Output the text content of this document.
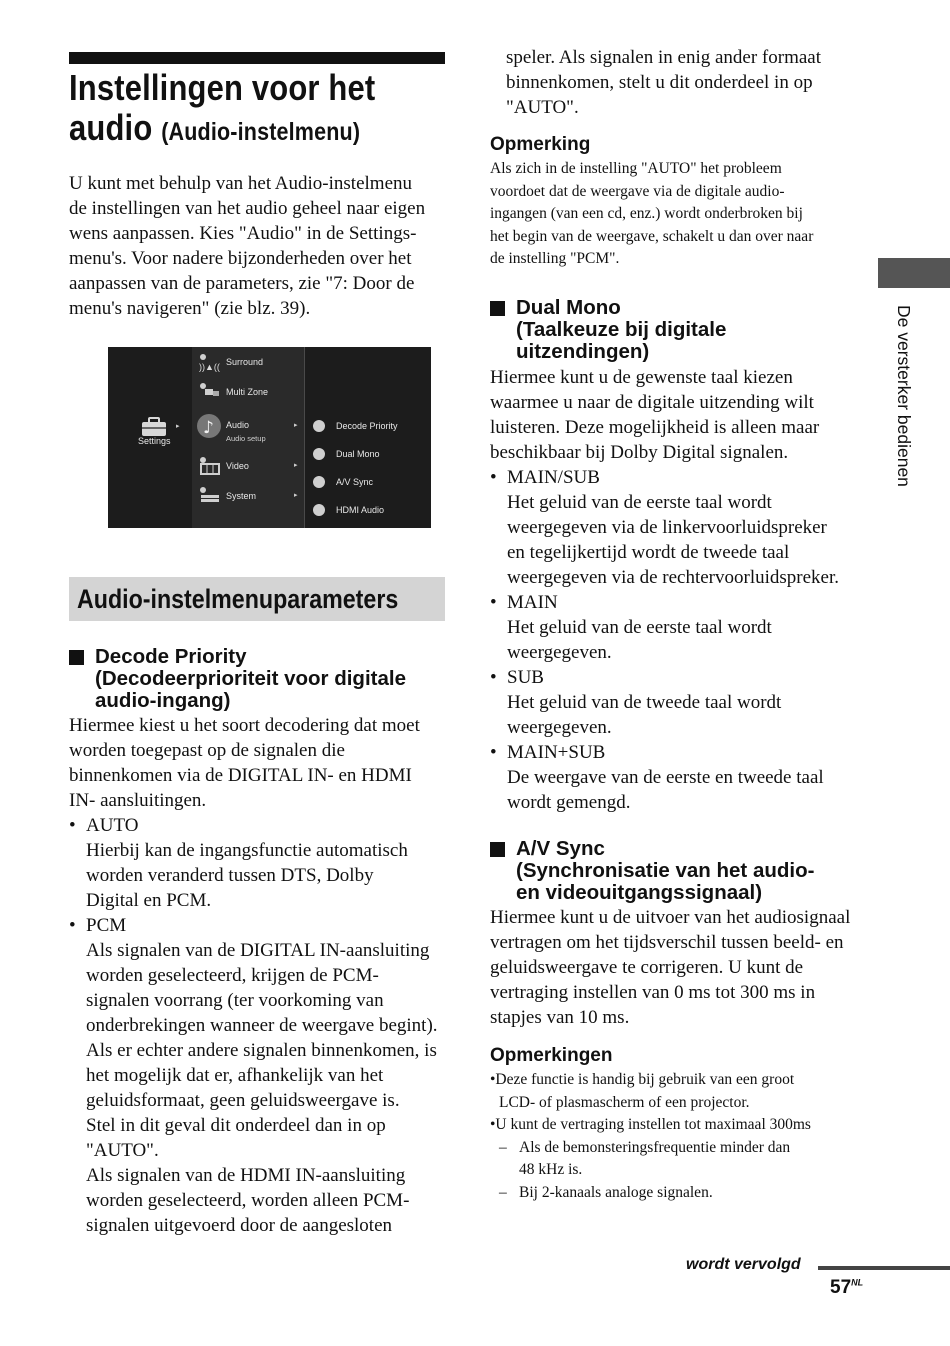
Instellingen voor het
audio (Audio-instelmenu)
U kunt met behulp van het Audio-instelmenu
de instellingen van het audio geheel naar eigen
wens aanpassen. Kies "Audio" in de Settings-
menu's. Voor nadere bijzonderheden over het
aanpassen van de parameters, zie "7: Door de
menu's navigeren" (zie blz. 39).
Settings
▸
))▲(( Surround
Multi Zone
♪ Audio
Audio setup
▸
Video	▸
System	▸
Decode Priority
Dual Mono
A/V Sync
HDMI Audio
Audio-instelmenuparameters
Decode Priority
(Decodeerprioriteit voor digitale
audio-ingang)
Hiermee kiest u het soort decodering dat moet
worden toegepast op de signalen die
binnenkomen via de DIGITAL IN- en HDMI
IN- aansluitingen.
• AUTO
Hierbij kan de ingangsfunctie automatisch
worden veranderd tussen DTS, Dolby
Digital en PCM.
• PCM
Als signalen van de DIGITAL IN-aansluiting
worden geselecteerd, krijgen de PCM-
signalen voorrang (ter voorkoming van
onderbrekingen wanneer de weergave begint).
Als er echter andere signalen binnenkomen, is
het mogelijk dat er, afhankelijk van het
geluidsformaat, geen geluidsweergave is.
Stel in dit geval dit onderdeel dan in op
"AUTO".
Als signalen van de HDMI IN-aansluiting
worden geselecteerd, worden alleen PCM-
signalen uitgevoerd door de aangesloten
speler. Als signalen in enig ander formaat
binnenkomen, stelt u dit onderdeel in op
"AUTO".
Opmerking
Als zich in de instelling "AUTO" het probleem
voordoet dat de weergave via de digitale audio-
ingangen (van een cd, enz.) wordt onderbroken bij
het begin van de weergave, schakelt u dan over naar
de instelling "PCM".
Dual Mono
(Taalkeuze bij digitale
uitzendingen)
Hiermee kunt u de gewenste taal kiezen
waarmee u naar de digitale uitzending wilt
luisteren. Deze mogelijkheid is alleen maar
beschikbaar bij Dolby Digital signalen.
• MAIN/SUB
Het geluid van de eerste taal wordt
weergegeven via de linkervoorluidspreker
en tegelijkertijd wordt de tweede taal
weergegeven via de rechtervoorluidspreker.
• MAIN
Het geluid van de eerste taal wordt
weergegeven.
• SUB
Het geluid van de tweede taal wordt
weergegeven.
• MAIN+SUB
De weergave van de eerste en tweede taal
wordt gemengd.
A/V Sync
(Synchronisatie van het audio-
en videouitgangssignaal)
Hiermee kunt u de uitvoer van het audiosignaal
vertragen om het tijdsverschil tussen beeld- en
geluidsweergave te corrigeren. U kunt de
vertraging instellen van 0 ms tot 300 ms in
stapjes van 10 ms.
Opmerkingen
•Deze functie is handig bij gebruik van een groot
LCD- of plasmascherm of een projector.
•U kunt de vertraging instellen tot maximaal 300ms
– Als de bemonsteringsfrequentie minder dan
48 kHz is.
– Bij 2-kanaals analoge signalen.
De versterker bedienen
wordt vervolgd
$57^{NL}$
